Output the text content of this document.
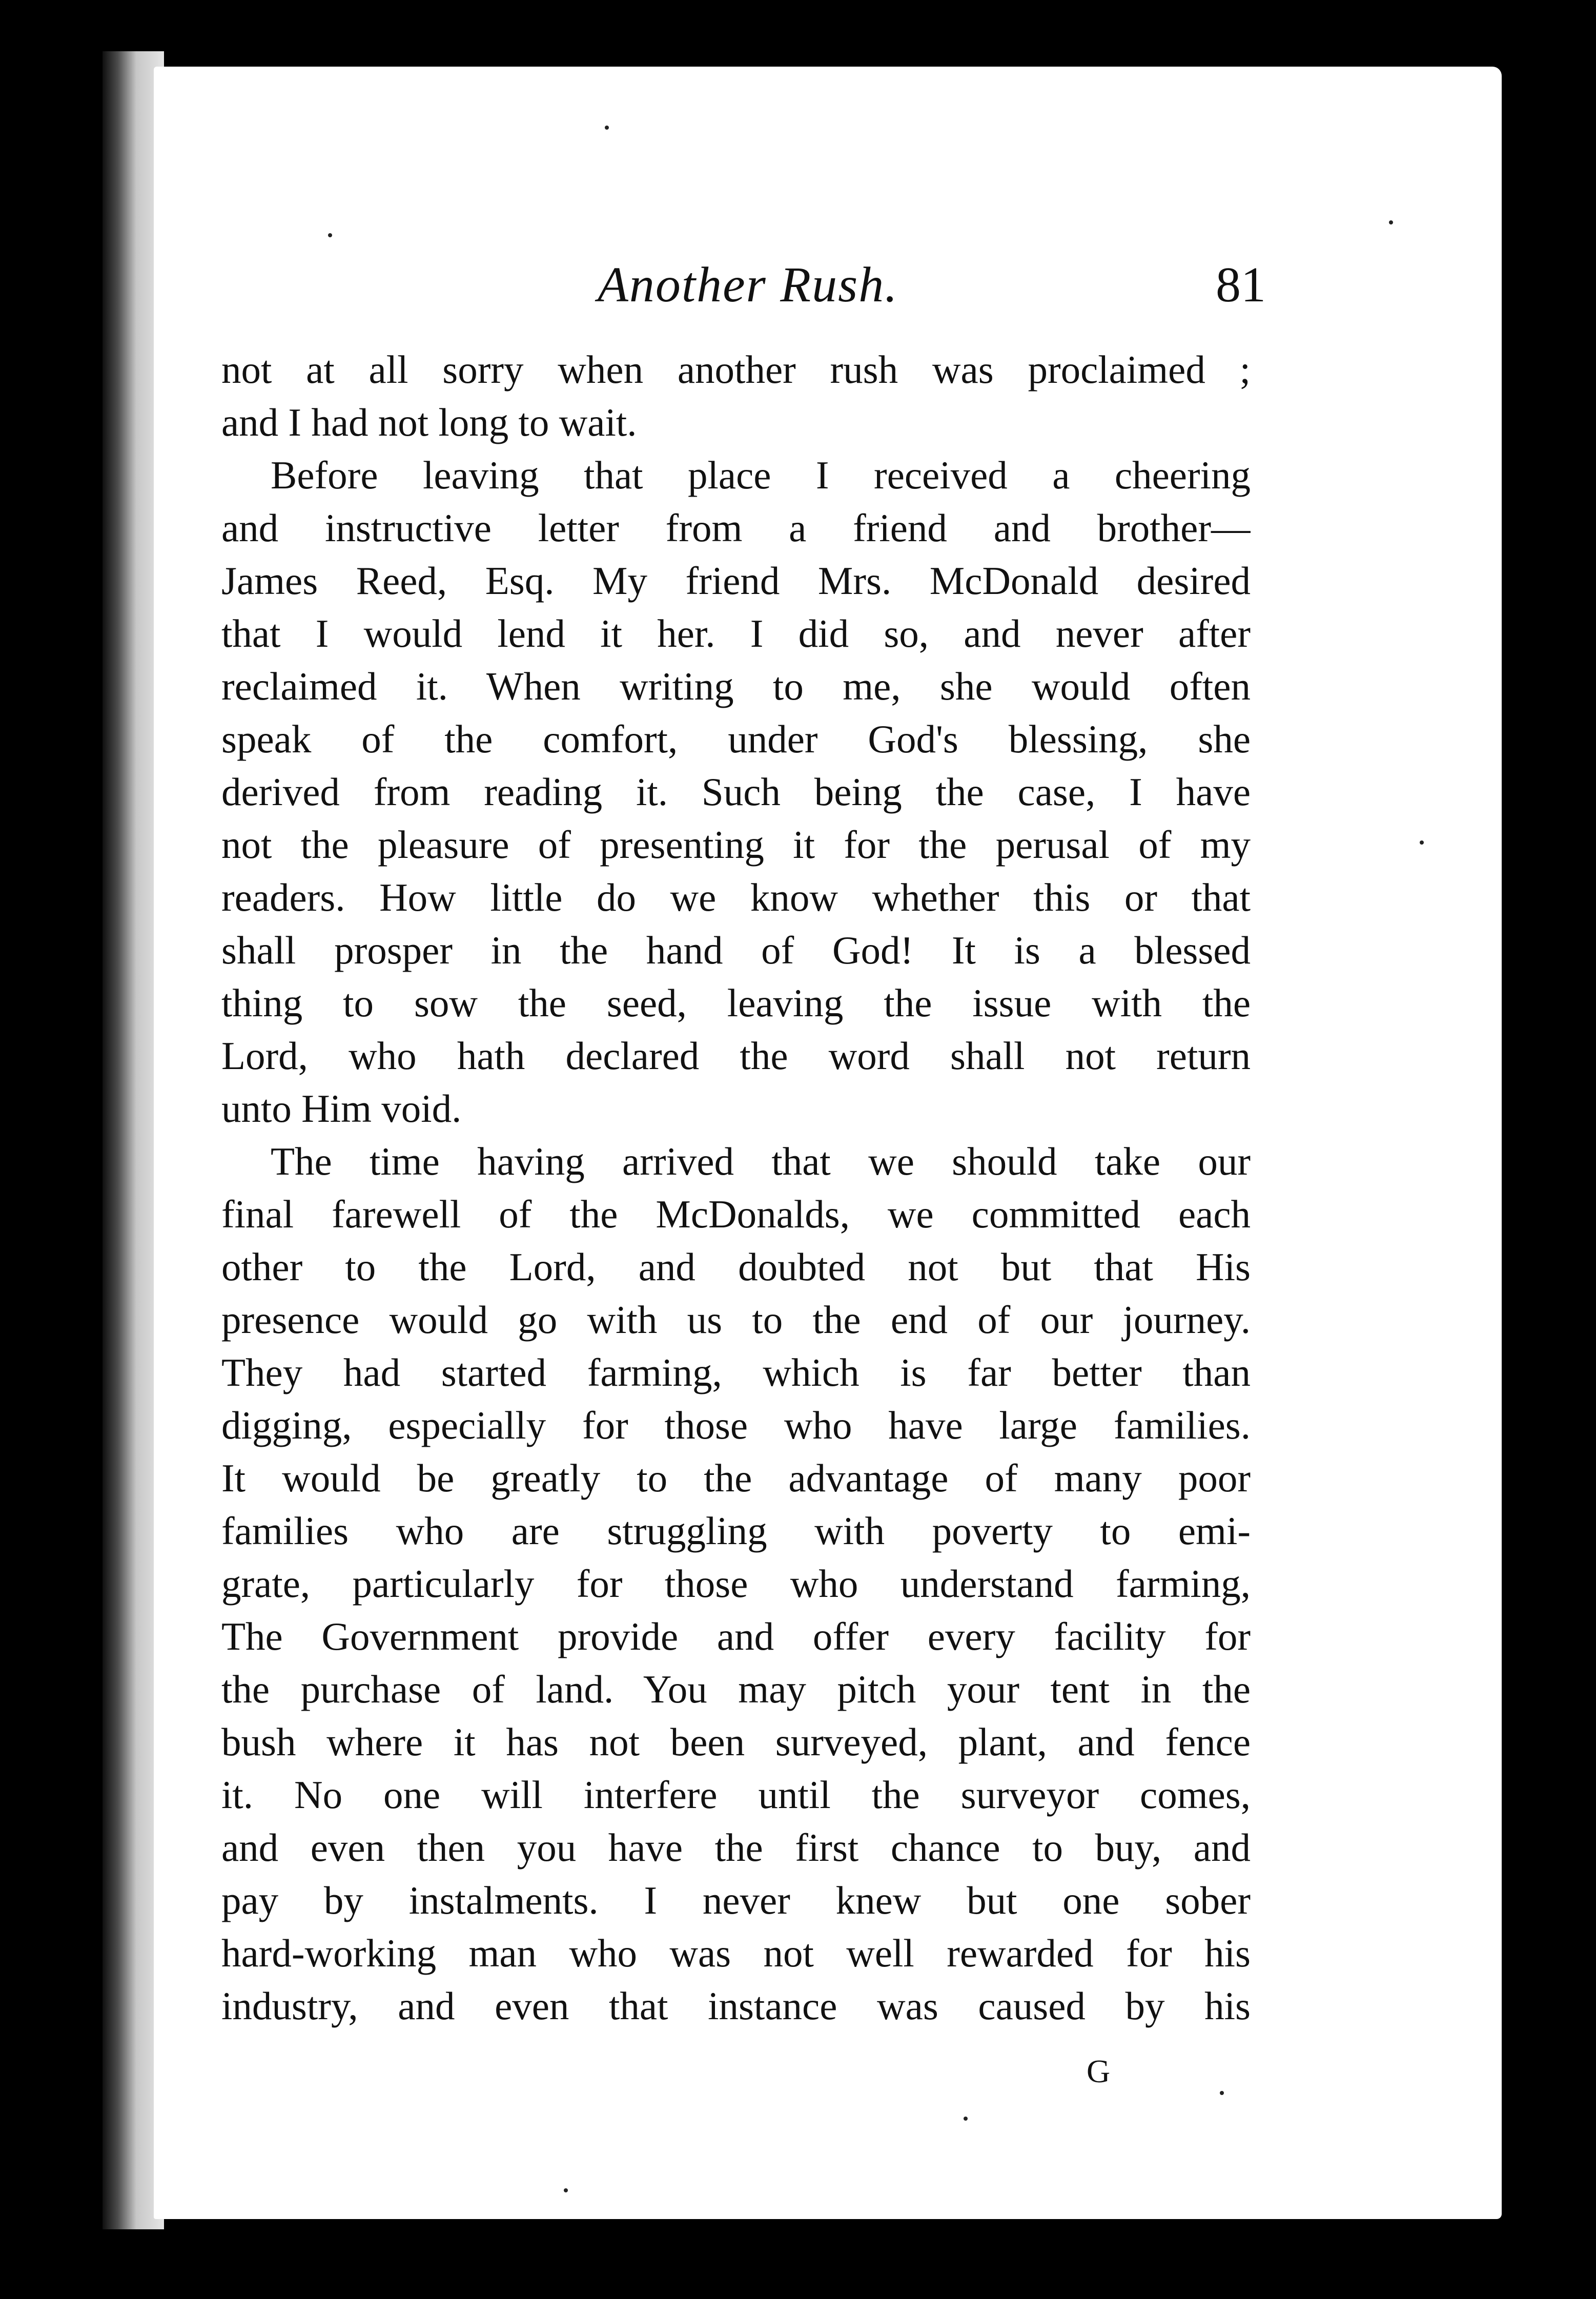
Another Rush.	81
not at all sorry when another rush was proclaimed ;
and I had not long to wait.
Before leaving that place I received a cheering
and instructive letter from a friend and brother—
James Reed, Esq. My friend Mrs. McDonald desired
that I would lend it her. I did so, and never after
reclaimed it. When writing to me, she would often
speak of the comfort, under God's blessing, she
derived from reading it. Such being the case, I have
not the pleasure of presenting it for the perusal of my
readers. How little do we know whether this or that
shall prosper in the hand of God! It is a blessed
thing to sow the seed, leaving the issue with the
Lord, who hath declared the word shall not return
unto Him void.
The time having arrived that we should take our
final farewell of the McDonalds, we committed each
other to the Lord, and doubted not but that His
presence would go with us to the end of our journey.
They had started farming, which is far better than
digging, especially for those who have large families.
It would be greatly to the advantage of many poor
families who are struggling with poverty to emi-
grate, particularly for those who understand farming,
The Government provide and offer every facility for
the purchase of land. You may pitch your tent in the
bush where it has not been surveyed, plant, and fence
it. No one will interfere until the surveyor comes,
and even then you have the first chance to buy, and
pay by instalments. I never knew but one sober
hard-working man who was not well rewarded for his
industry, and even that instance was caused by his
G
